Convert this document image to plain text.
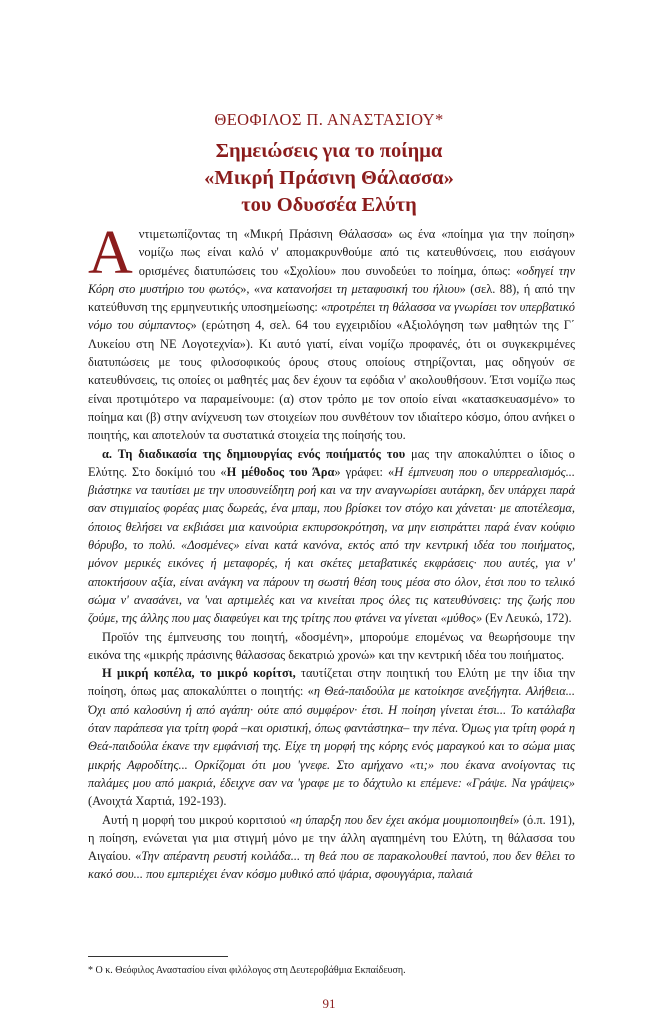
ΘΕΟΦΙΛΟΣ Π. ΑΝΑΣΤΑΣΙΟΥ*
Σημειώσεις για το ποίημα
«Μικρή Πράσινη Θάλασσα»
του Οδυσσέα Ελύτη

Αντιμετωπίζοντας τη «Μικρή Πράσινη Θάλασσα» ως ένα «ποίημα για την ποίηση» νομίζω πως είναι καλό ν' απομακρυνθούμε από τις κατευθύνσεις, που εισάγουν ορισμένες διατυπώσεις του «Σχολίου» που συνοδεύει το ποίημα, όπως: «οδηγεί την Κόρη στο μυστήριο του φωτός», «να κατανοήσει τη μεταφυσική του ήλιου» (σελ. 88), ή από την κατεύθυνση της ερμηνευτικής υποσημείωσης: «προτρέπει τη θάλασσα να γνωρίσει τον υπερβατικό νόμο του σύμπαντος» (ερώτηση 4, σελ. 64 του εγχειριδίου «Αξιολόγηση των μαθητών της Γ΄ Λυκείου στη ΝΕ Λογοτεχνία»). Κι αυτό γιατί, είναι νομίζω προφανές, ότι οι συγκεκριμένες διατυπώσεις με τους φιλοσοφικούς όρους στους οποίους στηρίζονται, μας οδηγούν σε κατευθύνσεις, τις οποίες οι μαθητές μας δεν έχουν τα εφόδια ν' ακολουθήσουν. Έτσι νομίζω πως είναι προτιμότερο να παραμείνουμε: (α) στον τρόπο με τον οποίο είναι «κατασκευασμένο» το ποίημα και (β) στην ανίχνευση των στοιχείων που συνθέτουν τον ιδιαίτερο κόσμο, όπου ανήκει ο ποιητής, και αποτελούν τα συστατικά στοιχεία της ποίησής του.

α. Τη διαδικασία της δημιουργίας ενός ποιήματός του μας την αποκαλύπτει ο ίδιος ο Ελύτης. Στο δοκίμιό του «Η μέθοδος του Άρα» γράφει: «Η έμπνευση που ο υπερρεαλισμός... βιάστηκε να ταυτίσει με την υποσυνείδητη ροή και να την αναγνωρίσει αυτάρκη, δεν υπάρχει παρά σαν στιγμιαίος φορέας μιας δωρεάς, ένα μπαμ, που βρίσκει τον στόχο και χάνεται· με αποτέλεσμα, όποιος θελήσει να εκβιάσει μια καινούρια εκπυρσοκρότηση, να μην εισπράττει παρά έναν κούφιο θόρυβο, το πολύ. «Δοσμένες» είναι κατά κανόνα, εκτός από την κεντρική ιδέα του ποιήματος, μόνον μερικές εικόνες ή μεταφορές, ή και σκέτες μεταβατικές εκφράσεις· που αυτές, για ν' αποκτήσουν αξία, είναι ανάγκη να πάρουν τη σωστή θέση τους μέσα στο όλον, έτσι που το τελικό σώμα ν' ανασάνει, να 'ναι αρτιμελές και να κινείται προς όλες τις κατευθύνσεις: της ζωής που ζούμε, της άλλης που μας διαφεύγει και της τρίτης που φτάνει να γίνεται «μύθος» (Εν Λευκώ, 172).

Προϊόν της έμπνευσης του ποιητή, «δοσμένη», μπορούμε επομένως να θεωρήσουμε την εικόνα της «μικρής πράσινης θάλασσας δεκατριώ χρονώ» και την κεντρική ιδέα του ποιήματος.

Η μικρή κοπέλα, το μικρό κορίτσι, ταυτίζεται στην ποιητική του Ελύτη με την ίδια την ποίηση, όπως μας αποκαλύπτει ο ποιητής: «η Θεά-παιδούλα με κατοίκησε ανεξήγητα. Αλήθεια... Όχι από καλοσύνη ή από αγάπη· ούτε από συμφέρον· έτσι. Η ποίηση γίνεται έτσι... Το κατάλαβα όταν παράπεσα για τρίτη φορά –και οριστική, όπως φαντάστηκα– την πένα. Όμως για τρίτη φορά η Θεά-παιδούλα έκανε την εμφάνισή της. Είχε τη μορφή της κόρης ενός μαραγκού και το σώμα μιας μικρής Αφροδίτης... Ορκίζομαι ότι μου 'γνεφε. Στο αμήχανο «τι;» που έκανα ανοίγοντας τις παλάμες μου από μακριά, έδειχνε σαν να 'γραφε με το δάχτυλο κι επέμενε: «Γράψε. Να γράψεις» (Ανοιχτά Χαρτιά, 192-193).

Αυτή η μορφή του μικρού κοριτσιού «η ύπαρξη που δεν έχει ακόμα μουμιοποιηθεί» (ό.π. 191), η ποίηση, ενώνεται για μια στιγμή μόνο με την άλλη αγαπημένη του Ελύτη, τη θάλασσα του Αιγαίου. «Την απέραντη ρευστή κοιλάδα... τη θεά που σε παρακολουθεί παντού, που δεν θέλει το κακό σου... που εμπεριέχει έναν κόσμο μυθικό από ψάρια, σφουγγάρια, παλαιά

* Ο κ. Θεόφιλος Αναστασίου είναι φιλόλογος στη Δευτεροβάθμια Εκπαίδευση.
91
